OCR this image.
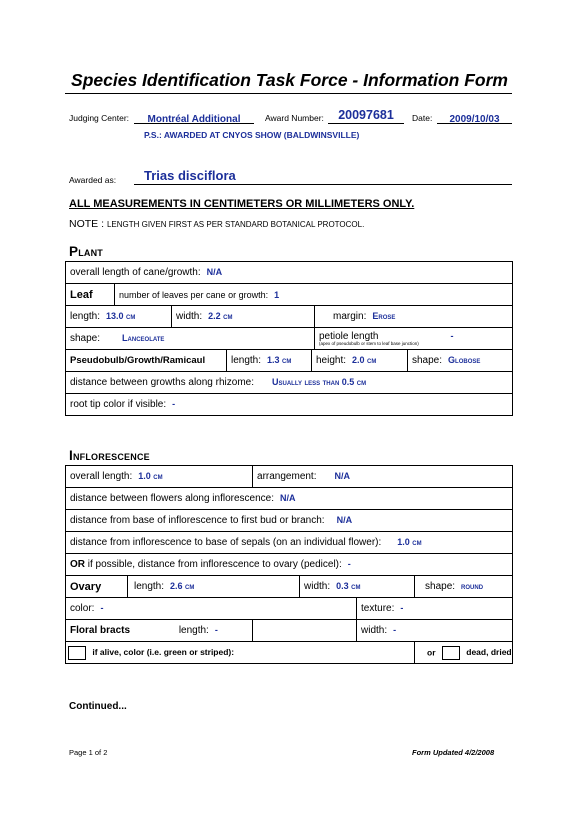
Species Identification Task Force - Information Form
Judging Center:	Montréal Additional	Award Number:	20097681	Date:	2009/10/03
P.S.: AWARDED AT CNYOS SHOW (BALDWINSVILLE)
Awarded as:	Trias disciflora
ALL MEASUREMENTS IN CENTIMETERS OR MILLIMETERS ONLY.
NOTE : LENGTH GIVEN FIRST AS PER STANDARD BOTANICAL PROTOCOL.
Plant
overall length of cane/growth: N/A						
Leaf	number of leaves per cane or growth: 1					
length: 13.0 cm		width: 2.2 cm			margin: Erose	
shape: Lanceolate					petiole length -
(apex of pseudobulb or stem to leaf base junction)	

Pseudobulb/Growth/Ramicaul			length: 1.3 cm	height: 2.0 cm		shape: Globose
distance between growths along rhizome: Usually less than 0.5 cm						
root tip color if visible: -						
Inflorescence
overall length: 1.0 cm		arrangement: N/A			
distance between flowers along inflorescence: N/A					
distance from base of inflorescence to first bud or branch: N/A					
distance from inflorescence to base of sepals (on an individual flower): 1.0 cm					
OR if possible, distance from inflorescence to ovary (pedicel): -					
Ovary	length: 2.6 cm		width: 0.3 cm		shape: round
color: -				texture: -	
Floral bracts length: -				width: -	
if alive, color (i.e. green or striped):					or dead, dried
Continued...
Page 1 of 2	Form Updated 4/2/2008
